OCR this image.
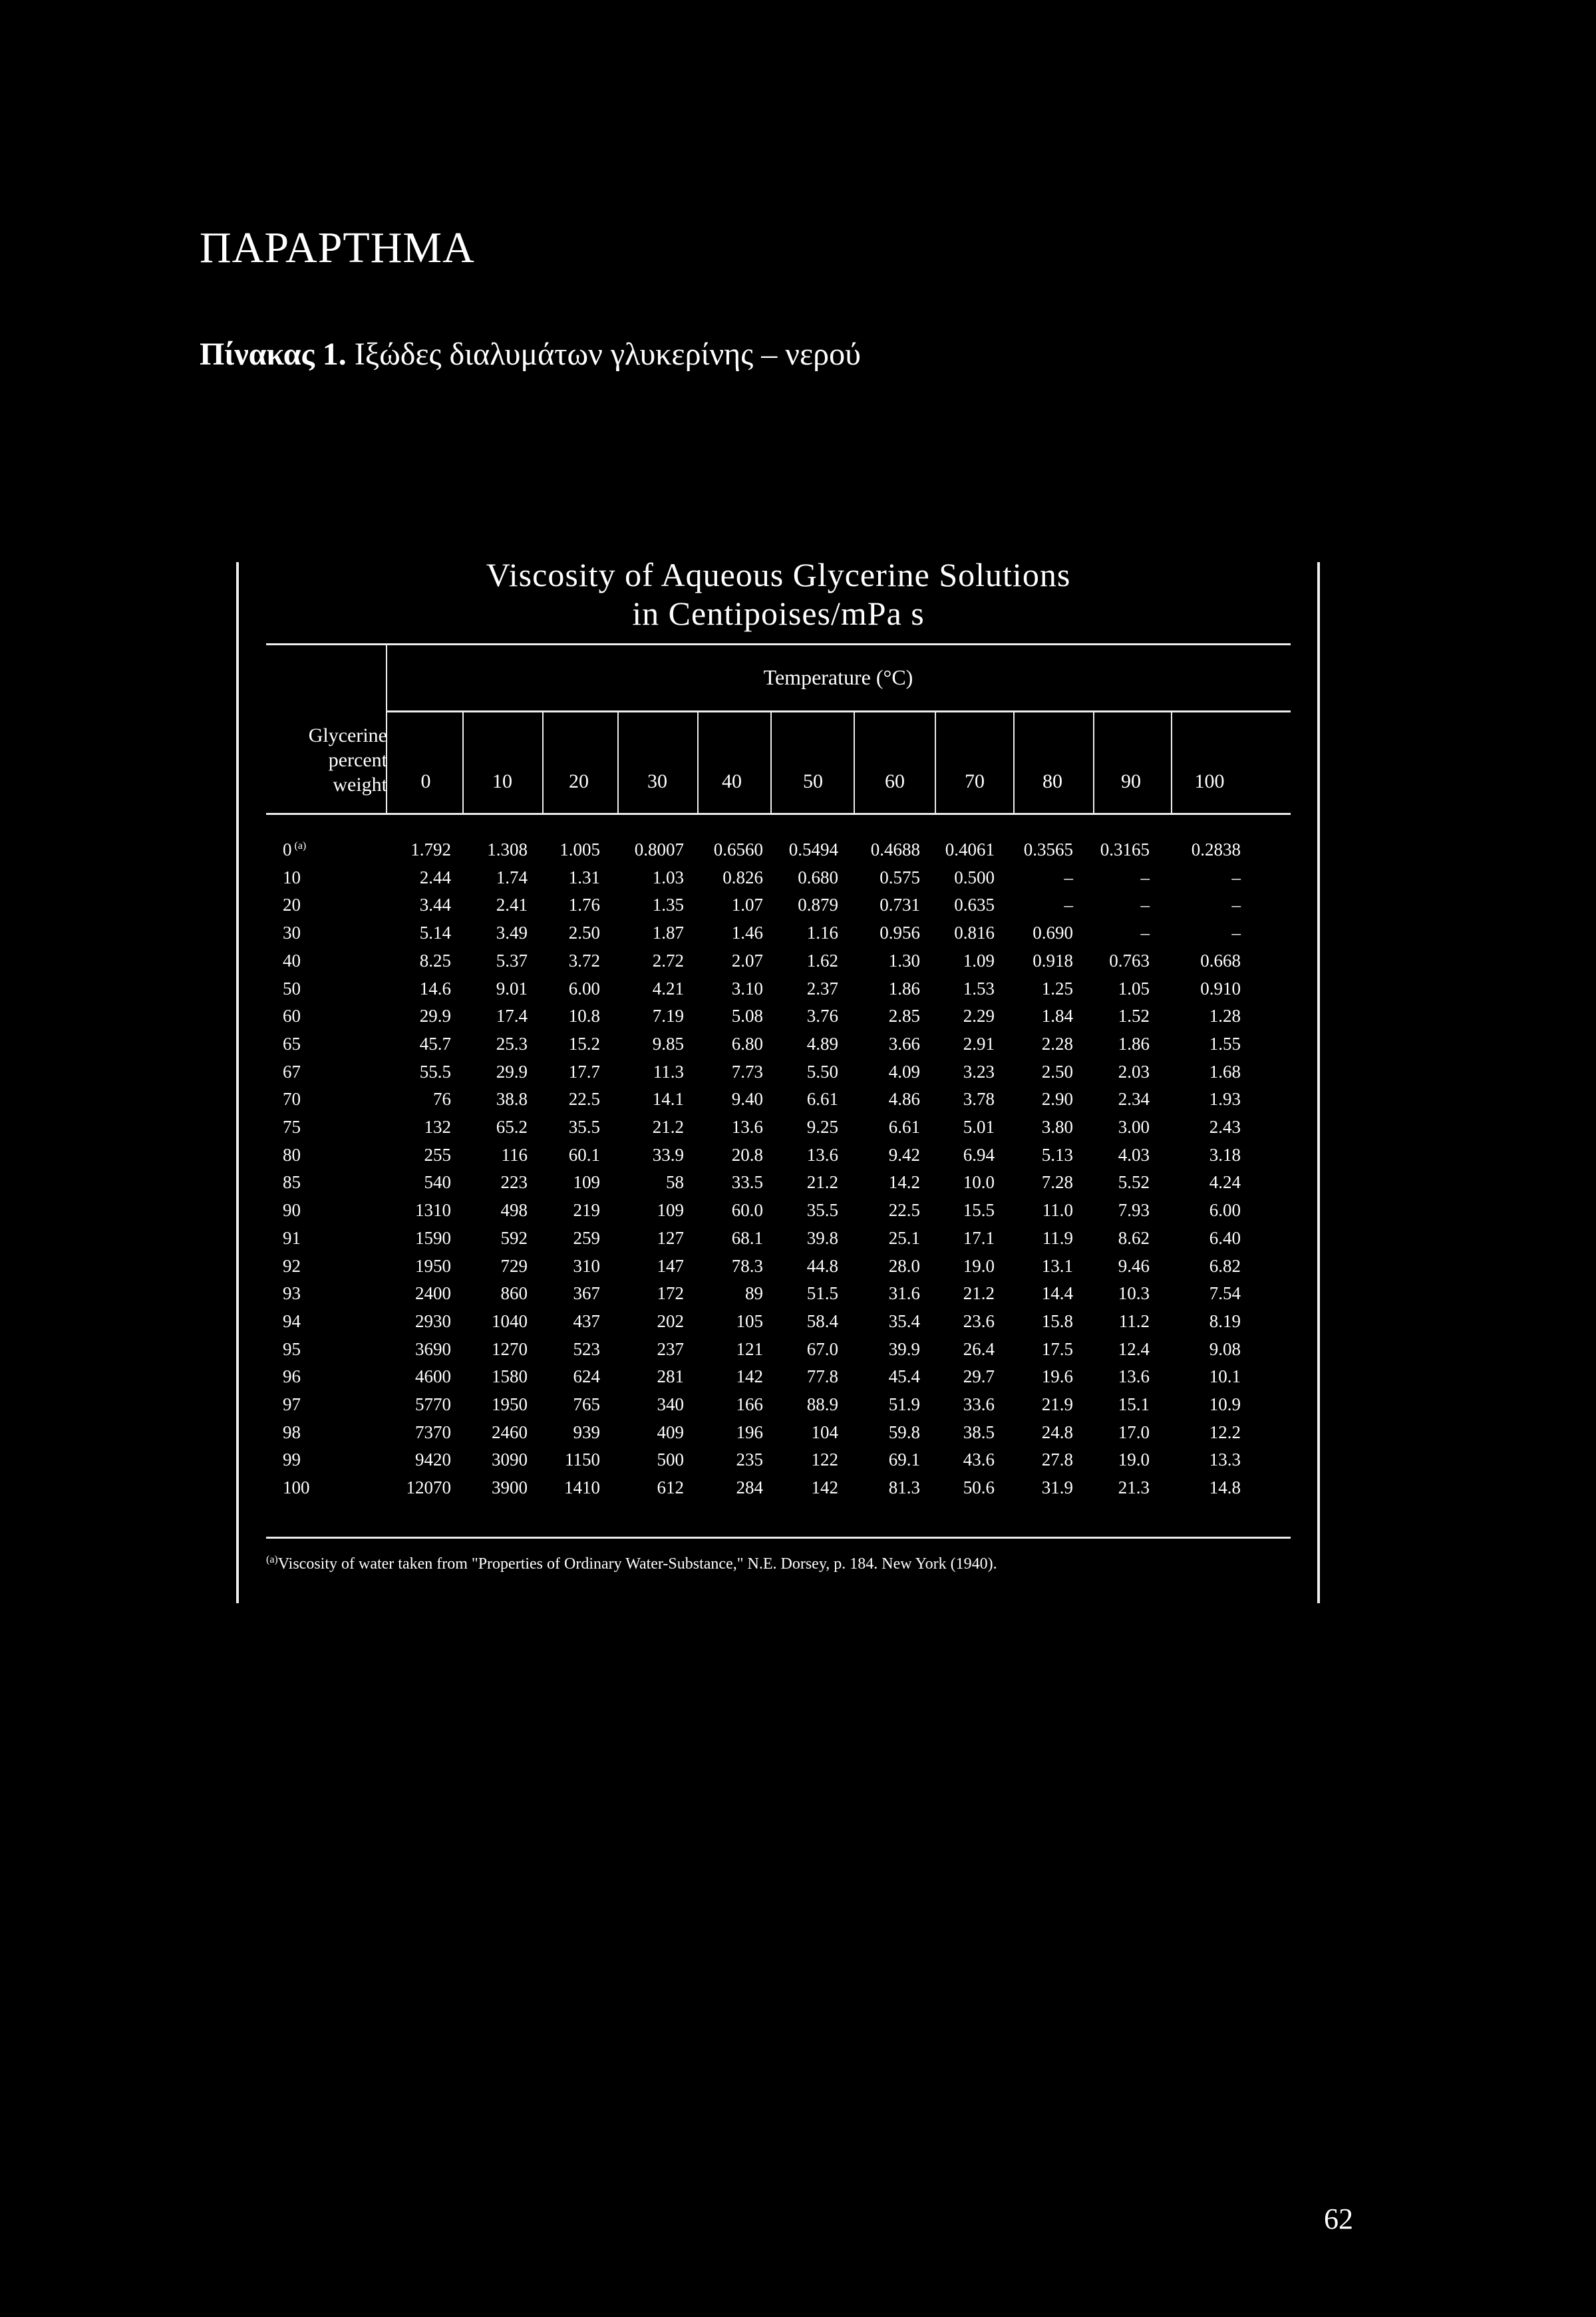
ΠΑΡΑΡΤΗΜΑ

Πίνακας 1. Ιξώδες διαλυμάτων γλυκερίνης – νερού

Viscosity of Aqueous Glycerine Solutions
in Centipoises/mPa s
Temperature (°C)
Glycerine
percent
weight	0	10	20	30	40	50	60	70	80	90	100
0 $^{(a)}$	1.792	1.308	1.005	0.8007	0.6560	0.5494	0.4688	0.4061	0.3565	0.3165	0.2838
10	2.44	1.74	1.31	1.03	0.826	0.680	0.575	0.500	–	–	–
20	3.44	2.41	1.76	1.35	1.07	0.879	0.731	0.635	–	–	–
30	5.14	3.49	2.50	1.87	1.46	1.16	0.956	0.816	0.690	–	–
40	8.25	5.37	3.72	2.72	2.07	1.62	1.30	1.09	0.918	0.763	0.668
50	14.6	9.01	6.00	4.21	3.10	2.37	1.86	1.53	1.25	1.05	0.910
60	29.9	17.4	10.8	7.19	5.08	3.76	2.85	2.29	1.84	1.52	1.28
65	45.7	25.3	15.2	9.85	6.80	4.89	3.66	2.91	2.28	1.86	1.55
67	55.5	29.9	17.7	11.3	7.73	5.50	4.09	3.23	2.50	2.03	1.68
70	76	38.8	22.5	14.1	9.40	6.61	4.86	3.78	2.90	2.34	1.93
75	132	65.2	35.5	21.2	13.6	9.25	6.61	5.01	3.80	3.00	2.43
80	255	116	60.1	33.9	20.8	13.6	9.42	6.94	5.13	4.03	3.18
85	540	223	109	58	33.5	21.2	14.2	10.0	7.28	5.52	4.24
90	1310	498	219	109	60.0	35.5	22.5	15.5	11.0	7.93	6.00
91	1590	592	259	127	68.1	39.8	25.1	17.1	11.9	8.62	6.40
92	1950	729	310	147	78.3	44.8	28.0	19.0	13.1	9.46	6.82
93	2400	860	367	172	89	51.5	31.6	21.2	14.4	10.3	7.54
94	2930	1040	437	202	105	58.4	35.4	23.6	15.8	11.2	8.19
95	3690	1270	523	237	121	67.0	39.9	26.4	17.5	12.4	9.08
96	4600	1580	624	281	142	77.8	45.4	29.7	19.6	13.6	10.1
97	5770	1950	765	340	166	88.9	51.9	33.6	21.9	15.1	10.9
98	7370	2460	939	409	196	104	59.8	38.5	24.8	17.0	12.2
99	9420	3090	1150	500	235	122	69.1	43.6	27.8	19.0	13.3
100	12070	3900	1410	612	284	142	81.3	50.6	31.9	21.3	14.8
$^{(a)}$Viscosity of water taken from "Properties of Ordinary Water-Substance," N.E. Dorsey, p. 184. New York (1940).
62
